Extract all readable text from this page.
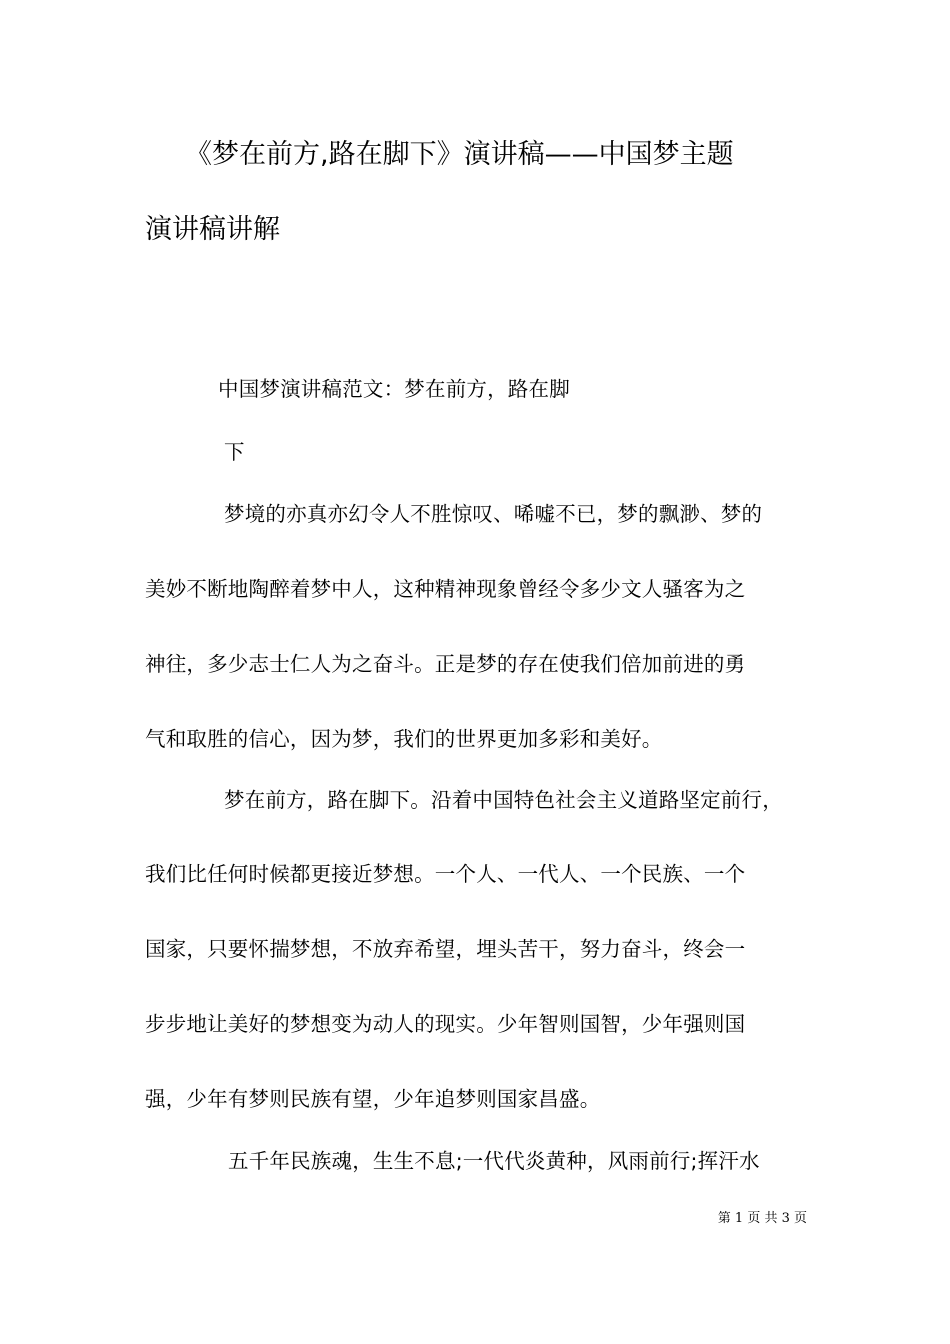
《梦在前方,路在脚下》演讲稿——中国梦主题
演讲稿讲解
中国梦演讲稿范文：梦在前方，路在脚
下
梦境的亦真亦幻令人不胜惊叹、唏嘘不已，梦的飘渺、梦的
美妙不断地陶醉着梦中人，这种精神现象曾经令多少文人骚客为之
神往，多少志士仁人为之奋斗。正是梦的存在使我们倍加前进的勇
气和取胜的信心，因为梦，我们的世界更加多彩和美好。
梦在前方，路在脚下。沿着中国特色社会主义道路坚定前行，
我们比任何时候都更接近梦想。一个人、一代人、一个民族、一个
国家，只要怀揣梦想，不放弃希望，埋头苦干，努力奋斗，终会一
步步地让美好的梦想变为动人的现实。少年智则国智，少年强则国
强，少年有梦则民族有望，少年追梦则国家昌盛。
五千年民族魂，生生不息;一代代炎黄种，风雨前行;挥汗水
第 1 页 共 3 页
